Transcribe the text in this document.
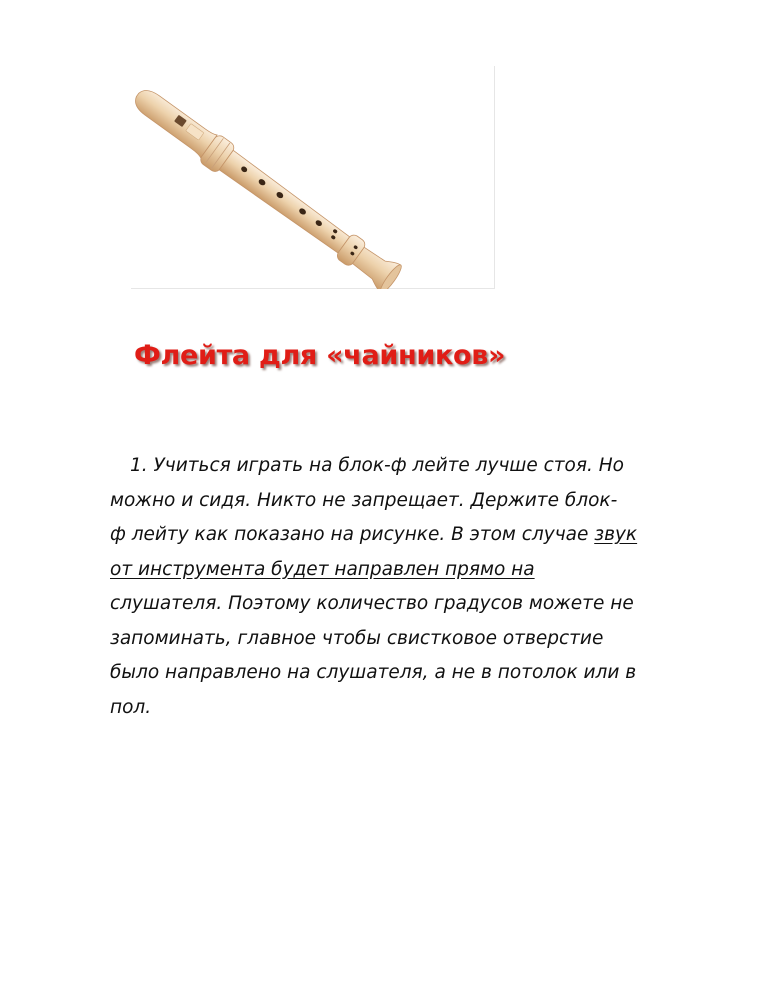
Флейта для «чайников»

1. Учиться играть на блок-ф лейте лучше стоя. Но
можно и сидя. Никто не запрещает. Держите блок-
ф лейту как показано на рисунке. В этом случае звук
от инструмента будет направлен прямо на
слушателя. Поэтому количество градусов можете не
запоминать, главное чтобы свистковое отверстие
было направлено на слушателя, а не в потолок или в
пол.
